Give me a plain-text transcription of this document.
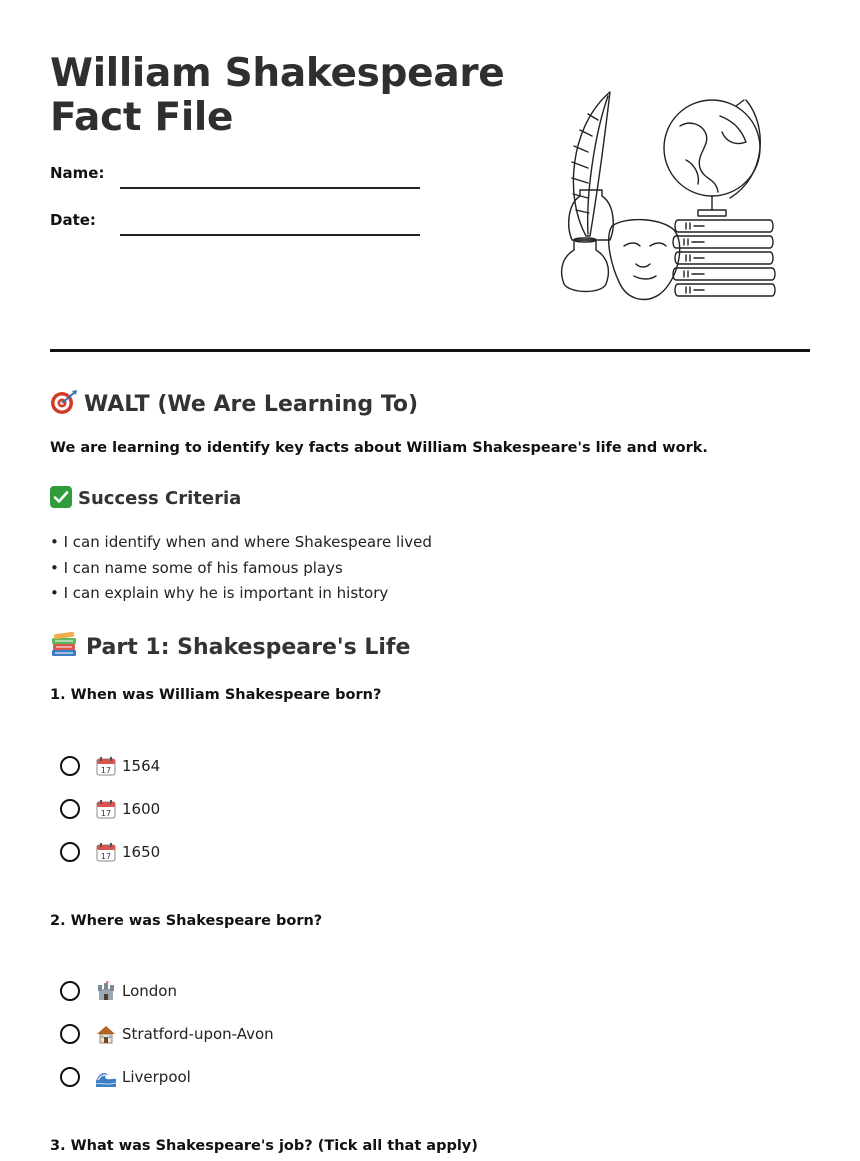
William Shakespeare
Fact File
Name:
Date:
WALT (We Are Learning To)
We are learning to identify key facts about William Shakespeare's life and work.
Success Criteria
• I can identify when and where Shakespeare lived
• I can name some of his famous plays
• I can explain why he is important in history
Part 1: Shakespeare's Life
1. When was William Shakespeare born?
17 1564
17 1600
17 1650
2. Where was Shakespeare born?
London
Stratford-upon-Avon
Liverpool
3. What was Shakespeare's job? (Tick all that apply)
